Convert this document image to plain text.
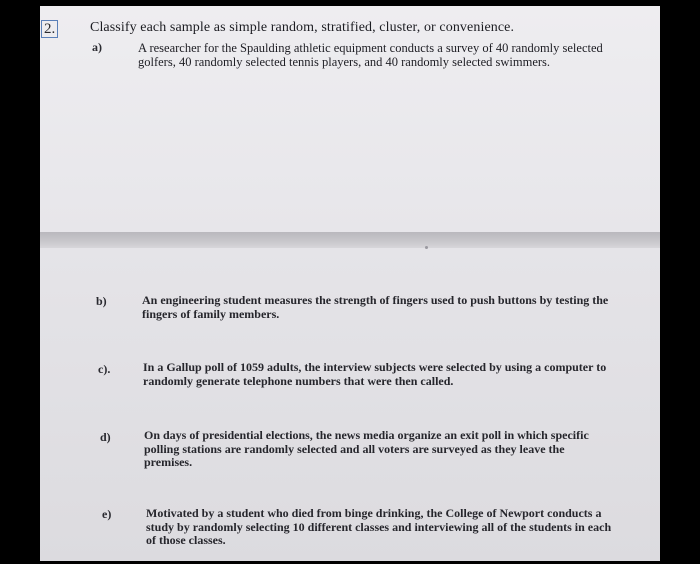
2. Classify each sample as simple random, stratified, cluster, or convenience.
a)	A researcher for the Spaulding athletic equipment conducts a survey of 40 randomly selected golfers, 40 randomly selected tennis players, and 40 randomly selected swimmers.
b)	An engineering student measures the strength of fingers used to push buttons by testing the fingers of family members.
c).	In a Gallup poll of 1059 adults, the interview subjects were selected by using a computer to randomly generate telephone numbers that were then called.
d)	On days of presidential elections, the news media organize an exit poll in which specific polling stations are randomly selected and all voters are surveyed as they leave the premises.
e)	Motivated by a student who died from binge drinking, the College of Newport conducts a study by randomly selecting 10 different classes and interviewing all of the students in each of those classes.
